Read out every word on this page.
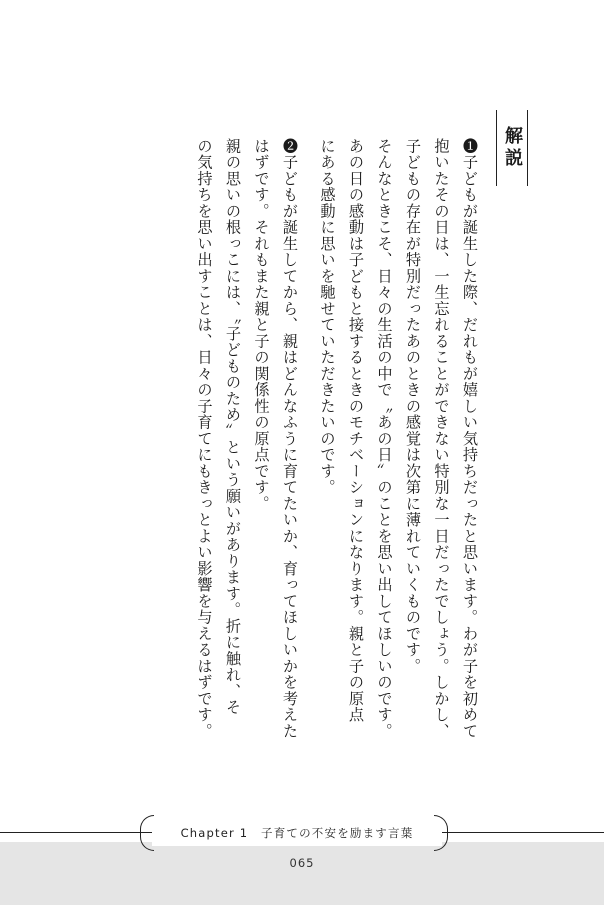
解説
❶子どもが誕生した際、だれもが嬉しい気持ちだったと思います。わが子を初めて
抱いたその日は、一生忘れることができない特別な一日だったでしょう。しかし、
子どもの存在が特別だったあのときの感覚は次第に薄れていくものです。
そんなときこそ、日々の生活の中で〝あの日〟のことを思い出してほしいのです。
あの日の感動は子どもと接するときのモチベーションになります。親と子の原点
にある感動に思いを馳せていただきたいのです。
❷子どもが誕生してから、親はどんなふうに育てたいか、育ってほしいかを考えた
はずです。それもまた親と子の関係性の原点です。
親の思いの根っこには、〝子どものため〟という願いがあります。折に触れ、そ
の気持ちを思い出すことは、日々の子育てにもきっとよい影響を与えるはずです。
Chapter 1　子育ての不安を励ます言葉
065
